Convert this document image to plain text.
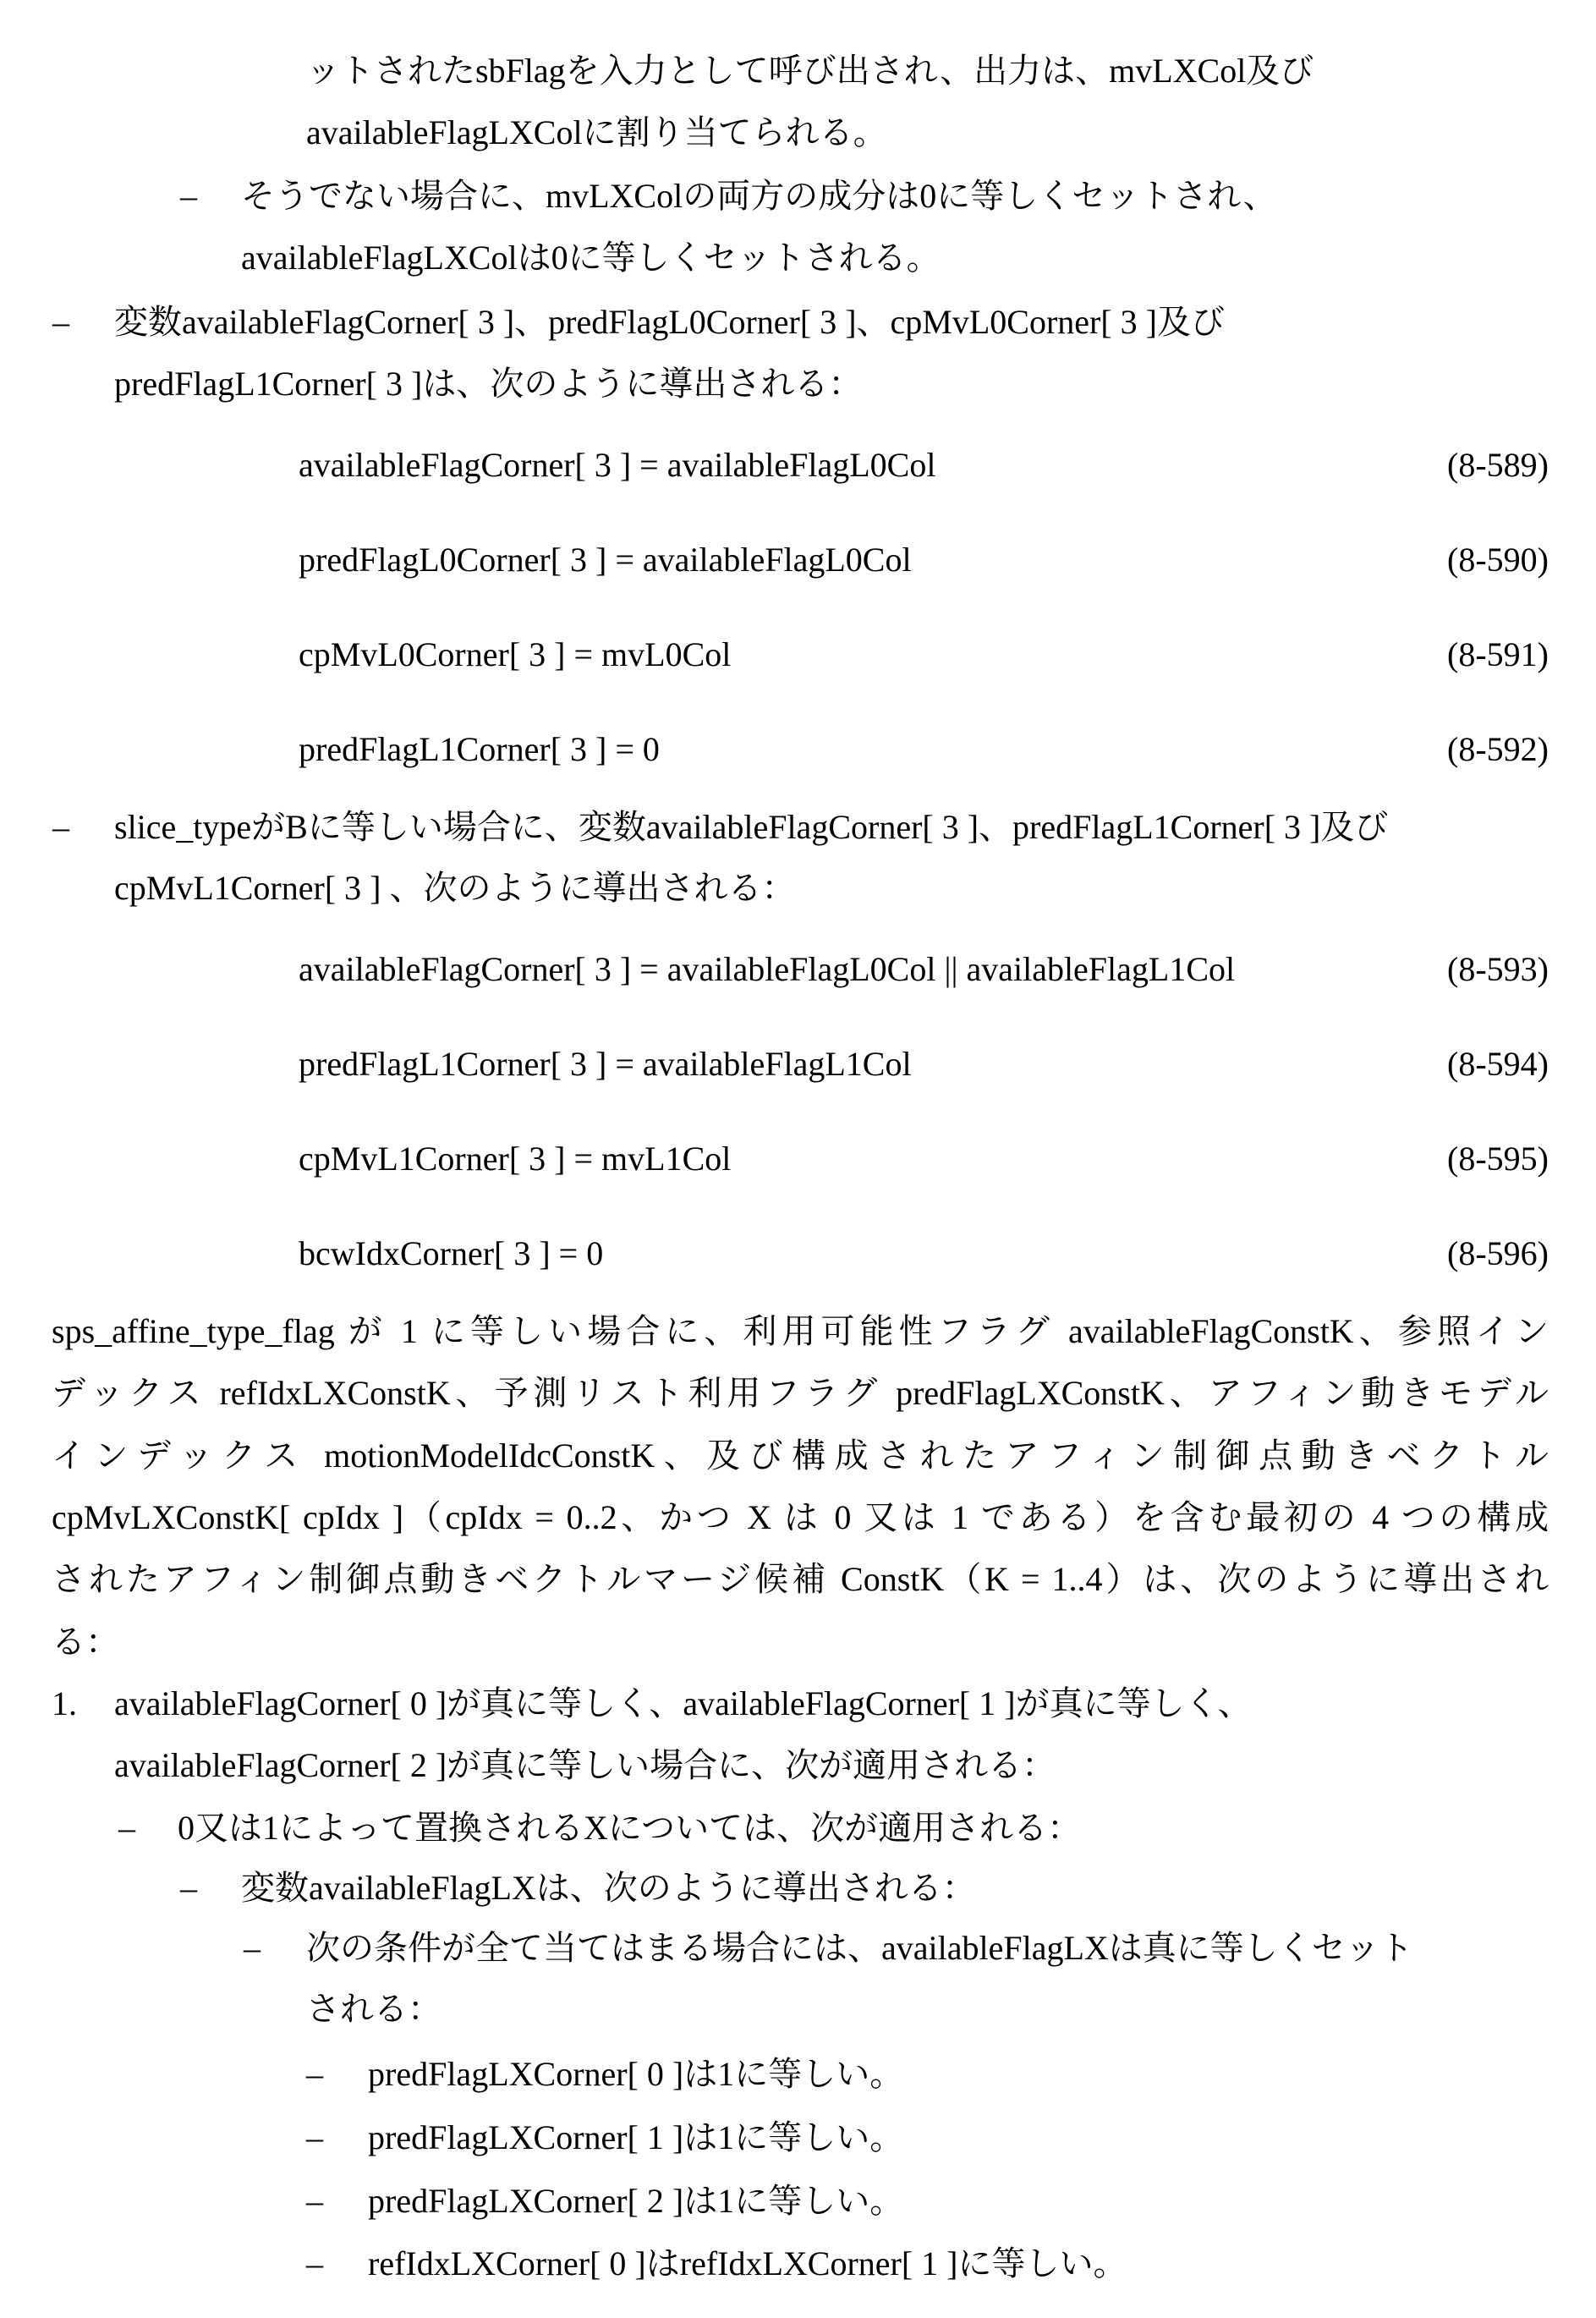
ットされたsbFlagを入力として呼び出され、出力は、mvLXCol及び
availableFlagLXColに割り当てられる。
– そうでない場合に、mvLXColの両方の成分は0に等しくセットされ、
availableFlagLXColは0に等しくセットされる。
– 変数availableFlagCorner[ 3 ]、predFlagL0Corner[ 3 ]、cpMvL0Corner[ 3 ]及び
predFlagL1Corner[ 3 ]は、次のように導出される：
availableFlagCorner[ 3 ] = availableFlagL0Col	(8-589)
predFlagL0Corner[ 3 ] = availableFlagL0Col	(8-590)
cpMvL0Corner[ 3 ] = mvL0Col	(8-591)
predFlagL1Corner[ 3 ] = 0	(8-592)
– slice_typeがBに等しい場合に、変数availableFlagCorner[ 3 ]、predFlagL1Corner[ 3 ]及び
cpMvL1Corner[ 3 ] 、次のように導出される：
availableFlagCorner[ 3 ] = availableFlagL0Col || availableFlagL1Col	(8-593)
predFlagL1Corner[ 3 ] = availableFlagL1Col	(8-594)
cpMvL1Corner[ 3 ] = mvL1Col	(8-595)
bcwIdxCorner[ 3 ] = 0	(8-596)
sps_affine_type_flag が 1 に等しい場合に、利用可能性フラグ availableFlagConstK、参照イン
デックス refIdxLXConstK、予測リスト利用フラグ predFlagLXConstK、アフィン動きモデル
インデックス motionModelIdcConstK、及び構成されたアフィン制御点動きベクトル
cpMvLXConstK[ cpIdx ]（cpIdx = 0..2、かつ X は 0 又は 1 である）を含む最初の 4 つの構成
されたアフィン制御点動きベクトルマージ候補 ConstK（K = 1..4）は、次のように導出され
る：
1. availableFlagCorner[ 0 ]が真に等しく、availableFlagCorner[ 1 ]が真に等しく、
availableFlagCorner[ 2 ]が真に等しい場合に、次が適用される：
– 0又は1によって置換されるXについては、次が適用される：
– 変数availableFlagLXは、次のように導出される：
– 次の条件が全て当てはまる場合には、availableFlagLXは真に等しくセット
される：
– predFlagLXCorner[ 0 ]は1に等しい。
– predFlagLXCorner[ 1 ]は1に等しい。
– predFlagLXCorner[ 2 ]は1に等しい。
– refIdxLXCorner[ 0 ]はrefIdxLXCorner[ 1 ]に等しい。
